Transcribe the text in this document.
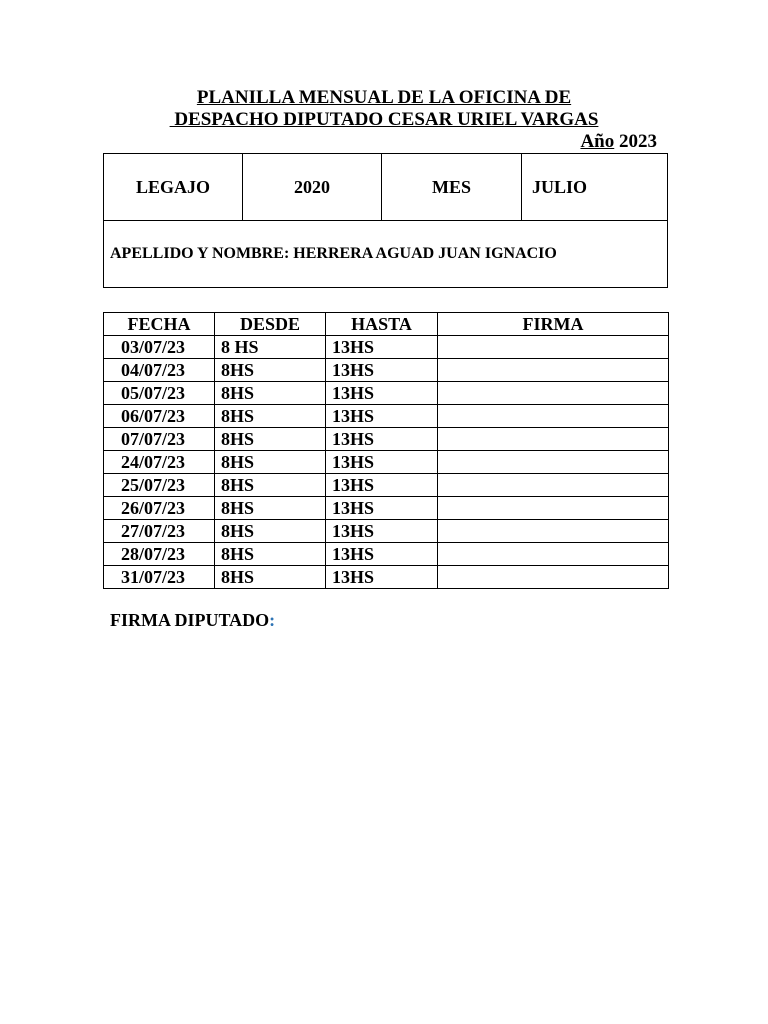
PLANILLA MENSUAL DE LA OFICINA DE
DESPACHO DIPUTADO CESAR URIEL VARGAS
Año 2023
LEGAJO	2020	MES	JULIO
APELLIDO Y NOMBRE: HERRERA AGUAD JUAN IGNACIO
FECHA	DESDE	HASTA	FIRMA
03/07/23	8 HS	13HS	
04/07/23	8HS	13HS	
05/07/23	8HS	13HS	
06/07/23	8HS	13HS	
07/07/23	8HS	13HS	
24/07/23	8HS	13HS	
25/07/23	8HS	13HS	
26/07/23	8HS	13HS	
27/07/23	8HS	13HS	
28/07/23	8HS	13HS	
31/07/23	8HS	13HS	
FIRMA DIPUTADO:
